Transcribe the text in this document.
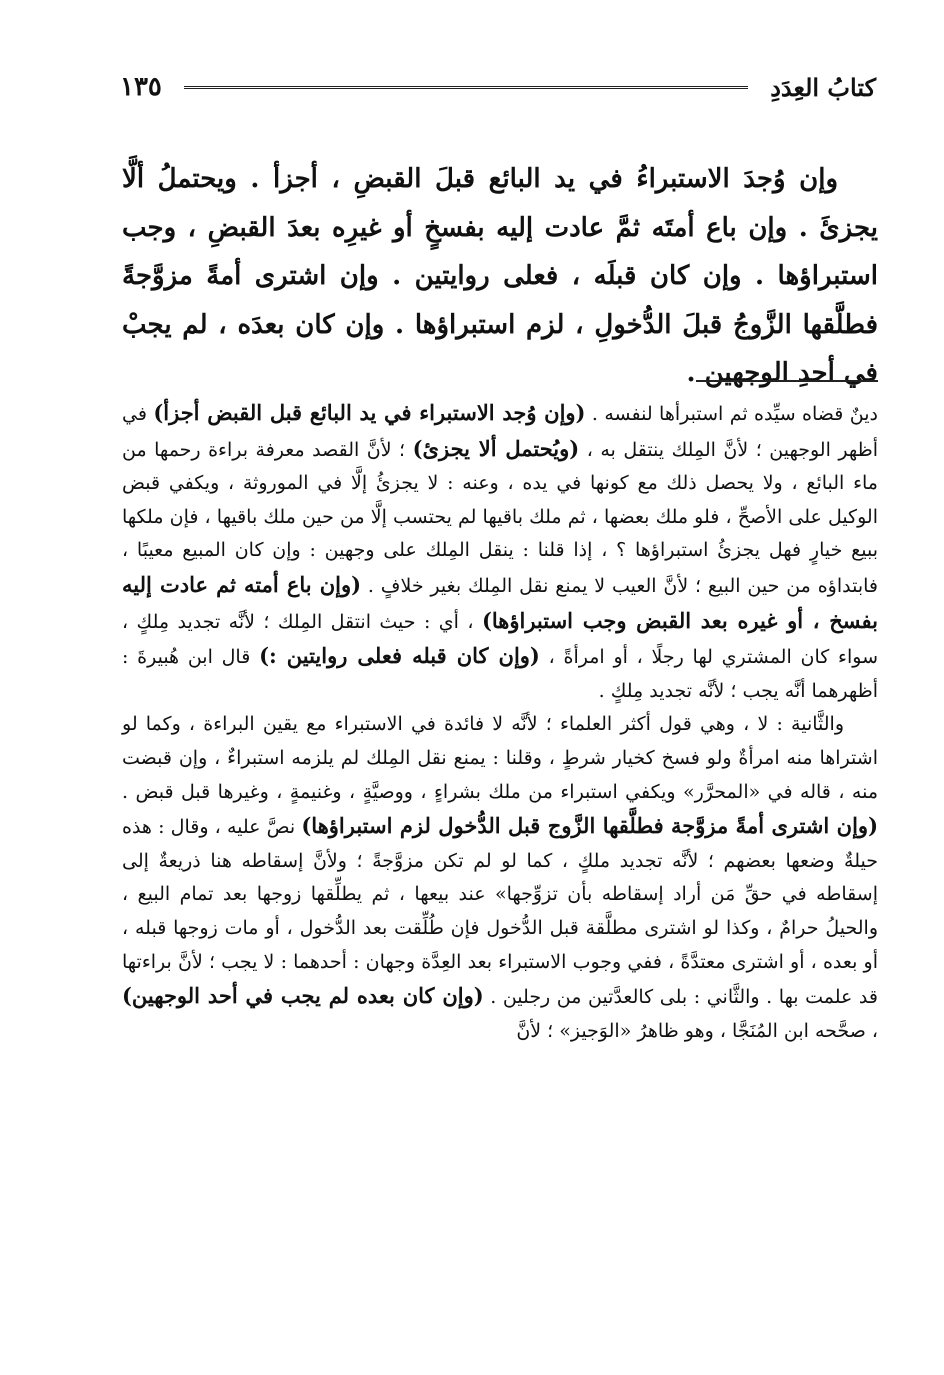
كتابُ العِدَدِ
١٣٥

وإن وُجدَ الاستبراءُ في يد البائع قبلَ القبضِ ، أجزأ . ويحتملُ ألَّا يجزئَ . وإن باع أمتَه ثمَّ عادت إليه بفسخٍ أو غيرِه بعدَ القبضِ ، وجب استبراؤها . وإن كان قبلَه ، فعلى روايتين . وإن اشترى أمةً مزوَّجةً فطلَّقها الزَّوجُ قبلَ الدُّخولِ ، لزم استبراؤها . وإن كان بعدَه ، لم يجبْ في أحدِ الوجهين .

دينٌ قضاه سيِّده ثم استبرأها لنفسه . (وإن وُجد الاستبراء في يد البائع قبل القبض أجزأ) في أظهر الوجهين ؛ لأنَّ المِلك ينتقل به ، (ويُحتمل ألا يجزئ) ؛ لأنَّ القصد معرفة براءة رحمها من ماء البائع ، ولا يحصل ذلك مع كونها في يده ، وعنه : لا يجزئُ إلَّا في الموروثة ، ويكفي قبض الوكيل على الأصحِّ ، فلو ملك بعضها ، ثم ملك باقيها لم يحتسب إلَّا من حين ملك باقيها ، فإن ملكها ببيع خيارٍ فهل يجزئُ استبراؤها ؟ ، إذا قلنا : ينقل المِلك على وجهين : وإن كان المبيع معيبًا ، فابتداؤه من حين البيع ؛ لأنَّ العيب لا يمنع نقل المِلك بغير خلافٍ . (وإن باع أمته ثم عادت إليه بفسخ ، أو غيره بعد القبض وجب استبراؤها) ، أي : حيث انتقل المِلك ؛ لأنَّه تجديد مِلكٍ ، سواء كان المشتري لها رجلًا ، أو امرأةً ، (وإن كان قبله فعلى روايتين :) قال ابن هُبيرةَ : أظهرهما أنَّه يجب ؛ لأنَّه تجديد مِلكٍ .

والثَّانية : لا ، وهي قول أكثر العلماء ؛ لأنَّه لا فائدة في الاستبراء مع يقين البراءة ، وكما لو اشتراها منه امرأةٌ ولو فسخ كخيار شرطٍ ، وقلنا : يمنع نقل المِلك لم يلزمه استبراءٌ ، وإن قبضت منه ، قاله في «المحرَّر» ويكفي استبراء من ملك بشراءٍ ، ووصيَّةٍ ، وغنيمةٍ ، وغيرها قبل قبض . (وإن اشترى أمةً مزوَّجة فطلَّقها الزَّوج قبل الدُّخول لزم استبراؤها) نصَّ عليه ، وقال : هذه حيلةٌ وضعها بعضهم ؛ لأنَّه تجديد ملكٍ ، كما لو لم تكن مزوَّجةً ؛ ولأنَّ إسقاطه هنا ذريعةٌ إلى إسقاطه في حقِّ مَن أراد إسقاطه بأن تزوِّجها» عند بيعها ، ثم يطلِّقها زوجها بعد تمام البيع ، والحيلُ حرامٌ ، وكذا لو اشترى مطلَّقة قبل الدُّخول فإن طُلِّقت بعد الدُّخول ، أو مات زوجها قبله ، أو بعده ، أو اشترى معتدَّةً ، ففي وجوب الاستبراء بعد العِدَّة وجهان : أحدهما : لا يجب ؛ لأنَّ براءتها قد علمت بها . والثَّاني : بلى كالعدَّتين من رجلين . (وإن كان بعده لم يجب في أحد الوجهين) ، صحَّحه ابن المُنَجَّا ، وهو ظاهرُ «الوَجيز» ؛ لأنَّ
